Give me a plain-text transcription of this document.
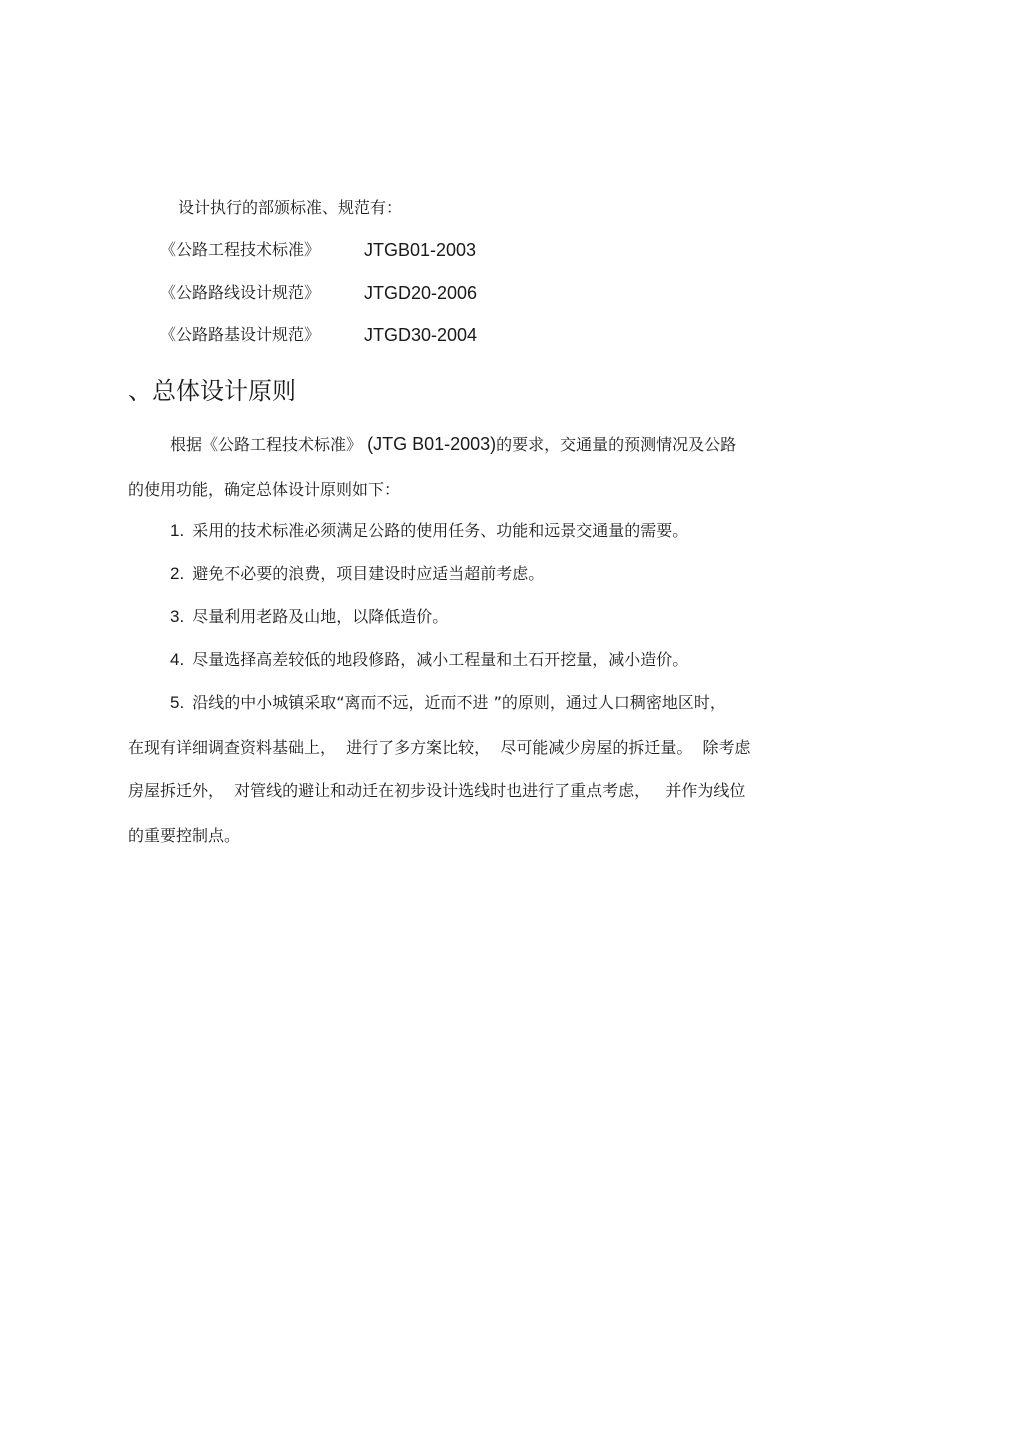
设计执行的部颁标准、规范有：
《公路工程技术标准》 JTGB01-2003
《公路路线设计规范》 JTGD20-2006
《公路路基设计规范》 JTGD30-2004
、总体设计原则
根据《公路工程技术标准》 (JTG B01-2003)的要求，交通量的预测情况及公路
的使用功能，确定总体设计原则如下：
1. 采用的技术标准必须满足公路的使用任务、功能和远景交通量的需要。
2. 避免不必要的浪费，项目建设时应适当超前考虑。
3. 尽量利用老路及山地，以降低造价。
4. 尽量选择高差较低的地段修路，减小工程量和土石开挖量，减小造价。
5. 沿线的中小城镇采取“离而不远，近而不进 ”的原则，通过人口稠密地区时，
在现有详细调查资料基础上，  进行了多方案比较，  尽可能减少房屋的拆迁量。  除考虑
房屋拆迁外，  对管线的避让和动迁在初步设计选线时也进行了重点考虑，   并作为线位
的重要控制点。
